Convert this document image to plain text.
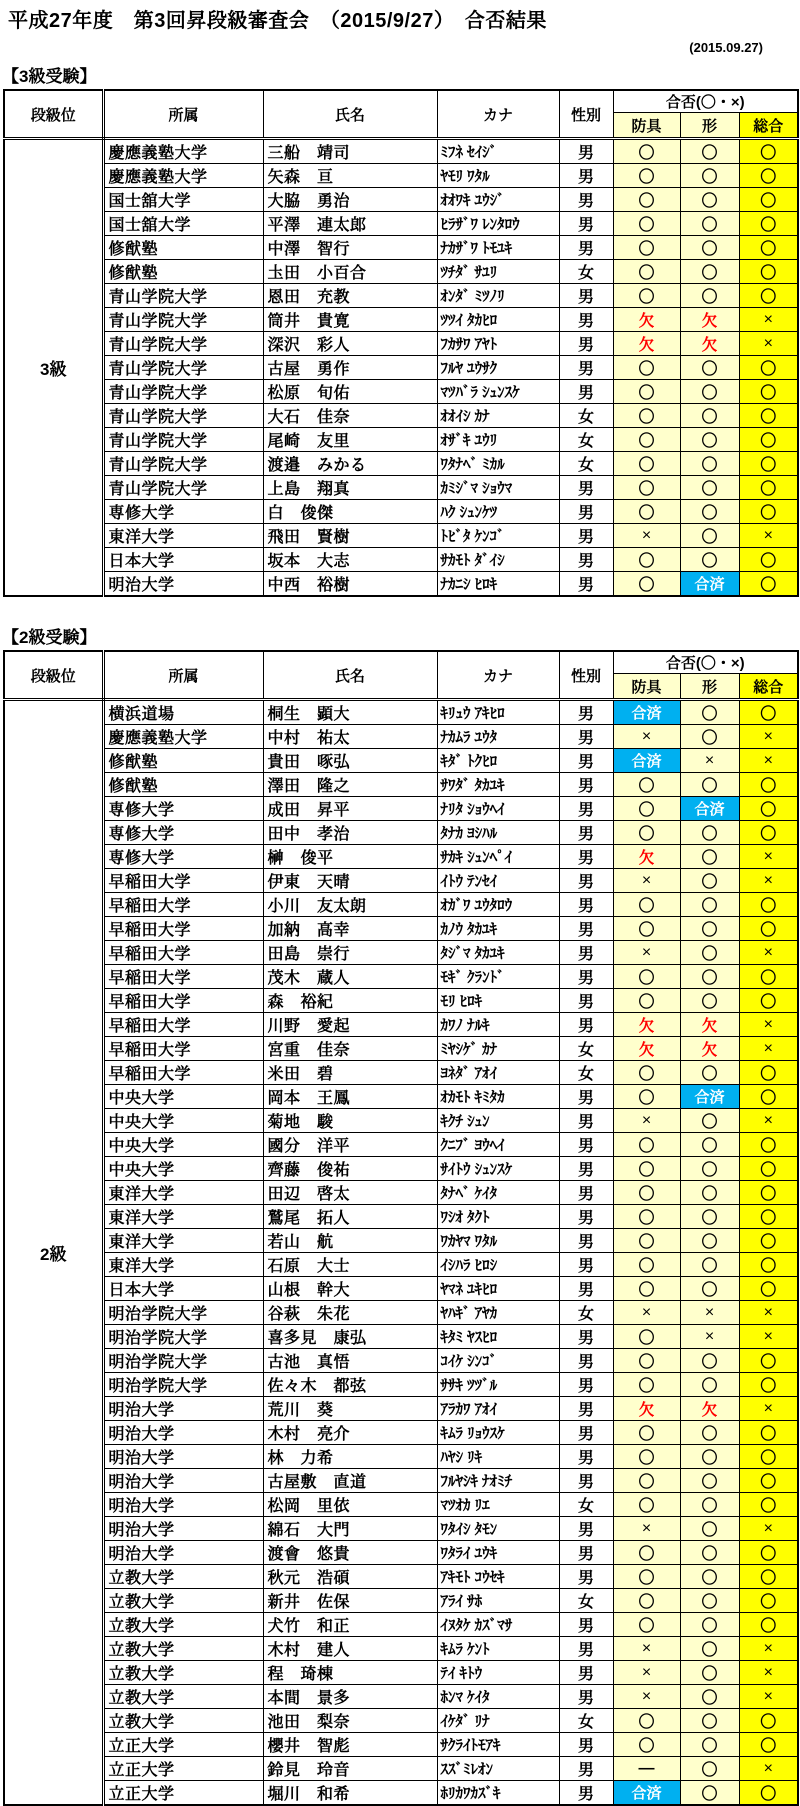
平成27年度　第3回昇段級審査会　（2015/9/27）　合否結果
(2015.09.27)
【3級受験】
段級位	所属	氏名	カナ	性別	合否(〇・×)		
					防具	形	総合
3級	慶應義塾大学	三船　靖司	ﾐﾌﾈ ｾｲｼﾞ	男	〇	〇	〇
	慶應義塾大学	矢森　亘	ﾔﾓﾘ ﾜﾀﾙ	男	〇	〇	〇
	国士舘大学	大脇　勇治	ｵｵﾜｷ ﾕｳｼﾞ	男	〇	〇	〇
	国士舘大学	平澤　連太郎	ﾋﾗｻﾞﾜ ﾚﾝﾀﾛｳ	男	〇	〇	〇
	修猷塾	中澤　智行	ﾅｶｻﾞﾜ ﾄﾓﾕｷ	男	〇	〇	〇
	修猷塾	圡田　小百合	ﾂﾁﾀﾞ ｻﾕﾘ	女	〇	〇	〇
	青山学院大学	恩田　充教	ｵﾝﾀﾞ ﾐﾂﾉﾘ	男	〇	〇	〇
	青山学院大学	筒井　貴寛	ﾂﾂｲ ﾀｶﾋﾛ	男	欠	欠	×
	青山学院大学	深沢　彩人	ﾌｶｻﾜ ｱﾔﾄ	男	欠	欠	×
	青山学院大学	古屋　勇作	ﾌﾙﾔ ﾕｳｻｸ	男	〇	〇	〇
	青山学院大学	松原　旬佑	ﾏﾂﾊﾞﾗ ｼｭﾝｽｹ	男	〇	〇	〇
	青山学院大学	大石　佳奈	ｵｵｲｼ ｶﾅ	女	〇	〇	〇
	青山学院大学	尾崎　友里	ｵｻﾞｷ ﾕｳﾘ	女	〇	〇	〇
	青山学院大学	渡邉　みかる	ﾜﾀﾅﾍﾞ ﾐｶﾙ	女	〇	〇	〇
	青山学院大学	上島　翔真	ｶﾐｼﾞﾏ ｼｮｳﾏ	男	〇	〇	〇
	専修大学	白　俊傑	ﾊｸ ｼｭﾝｹﾂ	男	〇	〇	〇
	東洋大学	飛田　賢樹	ﾄﾋﾞﾀ ｹﾝｺﾞ	男	×	〇	×
	日本大学	坂本　大志	ｻｶﾓﾄ ﾀﾞｲｼ	男	〇	〇	〇
	明治大学	中西　裕樹	ﾅｶﾆｼ ﾋﾛｷ	男	〇	合済	〇
【2級受験】
段級位	所属	氏名	カナ	性別	合否(〇・×)		
					防具	形	総合
2級	横浜道場	桐生　顕大	ｷﾘｭｳ ｱｷﾋﾛ	男	合済	〇	〇
	慶應義塾大学	中村　祐太	ﾅｶﾑﾗ ﾕｳﾀ	男	×	〇	×
	修猷塾	貴田　啄弘	ｷﾀﾞ ﾄｸﾋﾛ	男	合済	×	×
	修猷塾	澤田　隆之	ｻﾜﾀﾞ ﾀｶﾕｷ	男	〇	〇	〇
	専修大学	成田　昇平	ﾅﾘﾀ ｼｮｳﾍｲ	男	〇	合済	〇
	専修大学	田中　孝治	ﾀﾅｶ ﾖｼﾊﾙ	男	〇	〇	〇
	専修大学	榊　俊平	ｻｶｷ ｼｭﾝﾍﾟｲ	男	欠	〇	×
	早稲田大学	伊東　天晴	ｲﾄｳ ﾃﾝｾｲ	男	×	〇	×
	早稲田大学	小川　友太朗	ｵｶﾞﾜ ﾕｳﾀﾛｳ	男	〇	〇	〇
	早稲田大学	加納　高幸	ｶﾉｳ ﾀｶﾕｷ	男	〇	〇	〇
	早稲田大学	田島　崇行	ﾀｼﾞﾏ ﾀｶﾕｷ	男	×	〇	×
	早稲田大学	茂木　蔵人	ﾓｷﾞ ｸﾗﾝﾄﾞ	男	〇	〇	〇
	早稲田大学	森　裕紀	ﾓﾘ ﾋﾛｷ	男	〇	〇	〇
	早稲田大学	川野　愛起	ｶﾜﾉ ﾅﾙｷ	男	欠	欠	×
	早稲田大学	宮重　佳奈	ﾐﾔｼｹﾞ ｶﾅ	女	欠	欠	×
	早稲田大学	米田　碧	ﾖﾈﾀﾞ ｱｵｲ	女	〇	〇	〇
	中央大学	岡本　王鳳	ｵｶﾓﾄ ｷﾐﾀｶ	男	〇	合済	〇
	中央大学	菊地　駿	ｷｸﾁ ｼｭﾝ	男	×	〇	×
	中央大学	國分　洋平	ｸﾆﾌﾞ ﾖｳﾍｲ	男	〇	〇	〇
	中央大学	齊藤　俊祐	ｻｲﾄｳ ｼｭﾝｽｹ	男	〇	〇	〇
	東洋大学	田辺　啓太	ﾀﾅﾍﾞ ｹｲﾀ	男	〇	〇	〇
	東洋大学	鷲尾　拓人	ﾜｼｵ ﾀｸﾄ	男	〇	〇	〇
	東洋大学	若山　航	ﾜｶﾔﾏ ﾜﾀﾙ	男	〇	〇	〇
	東洋大学	石原　大士	ｲｼﾊﾗ ﾋﾛｼ	男	〇	〇	〇
	日本大学	山根　幹大	ﾔﾏﾈ ﾕｷﾋﾛ	男	〇	〇	〇
	明治学院大学	谷萩　朱花	ﾔﾊｷﾞ ｱﾔｶ	女	×	×	×
	明治学院大学	喜多見　康弘	ｷﾀﾐ ﾔｽﾋﾛ	男	〇	×	×
	明治学院大学	古池　真悟	ｺｲｹ ｼﾝｺﾞ	男	〇	〇	〇
	明治学院大学	佐々木　都弦	ｻｻｷ ﾂﾂﾞﾙ	男	〇	〇	〇
	明治大学	荒川　葵	ｱﾗｶﾜ ｱｵｲ	男	欠	欠	×
	明治大学	木村　亮介	ｷﾑﾗ ﾘｮｳｽｹ	男	〇	〇	〇
	明治大学	林　力希	ﾊﾔｼ ﾘｷ	男	〇	〇	〇
	明治大学	古屋敷　直道	ﾌﾙﾔｼｷ ﾅｵﾐﾁ	男	〇	〇	〇
	明治大学	松岡　里依	ﾏﾂｵｶ ﾘｴ	女	〇	〇	〇
	明治大学	綿石　大門	ﾜﾀｲｼ ﾀﾓﾝ	男	×	〇	×
	明治大学	渡會　悠貴	ﾜﾀﾗｲ ﾕｳｷ	男	〇	〇	〇
	立教大学	秋元　浩碩	ｱｷﾓﾄ ｺｳｾｷ	男	〇	〇	〇
	立教大学	新井　佐保	ｱﾗｲ ｻﾎ	女	〇	〇	〇
	立教大学	犬竹　和正	ｲﾇﾀｹ ｶｽﾞﾏｻ	男	〇	〇	〇
	立教大学	木村　建人	ｷﾑﾗ ｹﾝﾄ	男	×	〇	×
	立教大学	程　琦棟	ﾃｲ ｷﾄｳ	男	×	〇	×
	立教大学	本間　景多	ﾎﾝﾏ ｹｲﾀ	男	×	〇	×
	立教大学	池田　梨奈	ｲｹﾀﾞ ﾘﾅ	女	〇	〇	〇
	立正大学	櫻井　智彪	ｻｸﾗｲﾄﾓｱｷ	男	〇	〇	〇
	立正大学	鈴見　玲音	ｽｽﾞﾐﾚｵﾝ	男	―	〇	×
	立正大学	堀川　和希	ﾎﾘｶﾜｶｽﾞｷ	男	合済	〇	〇
